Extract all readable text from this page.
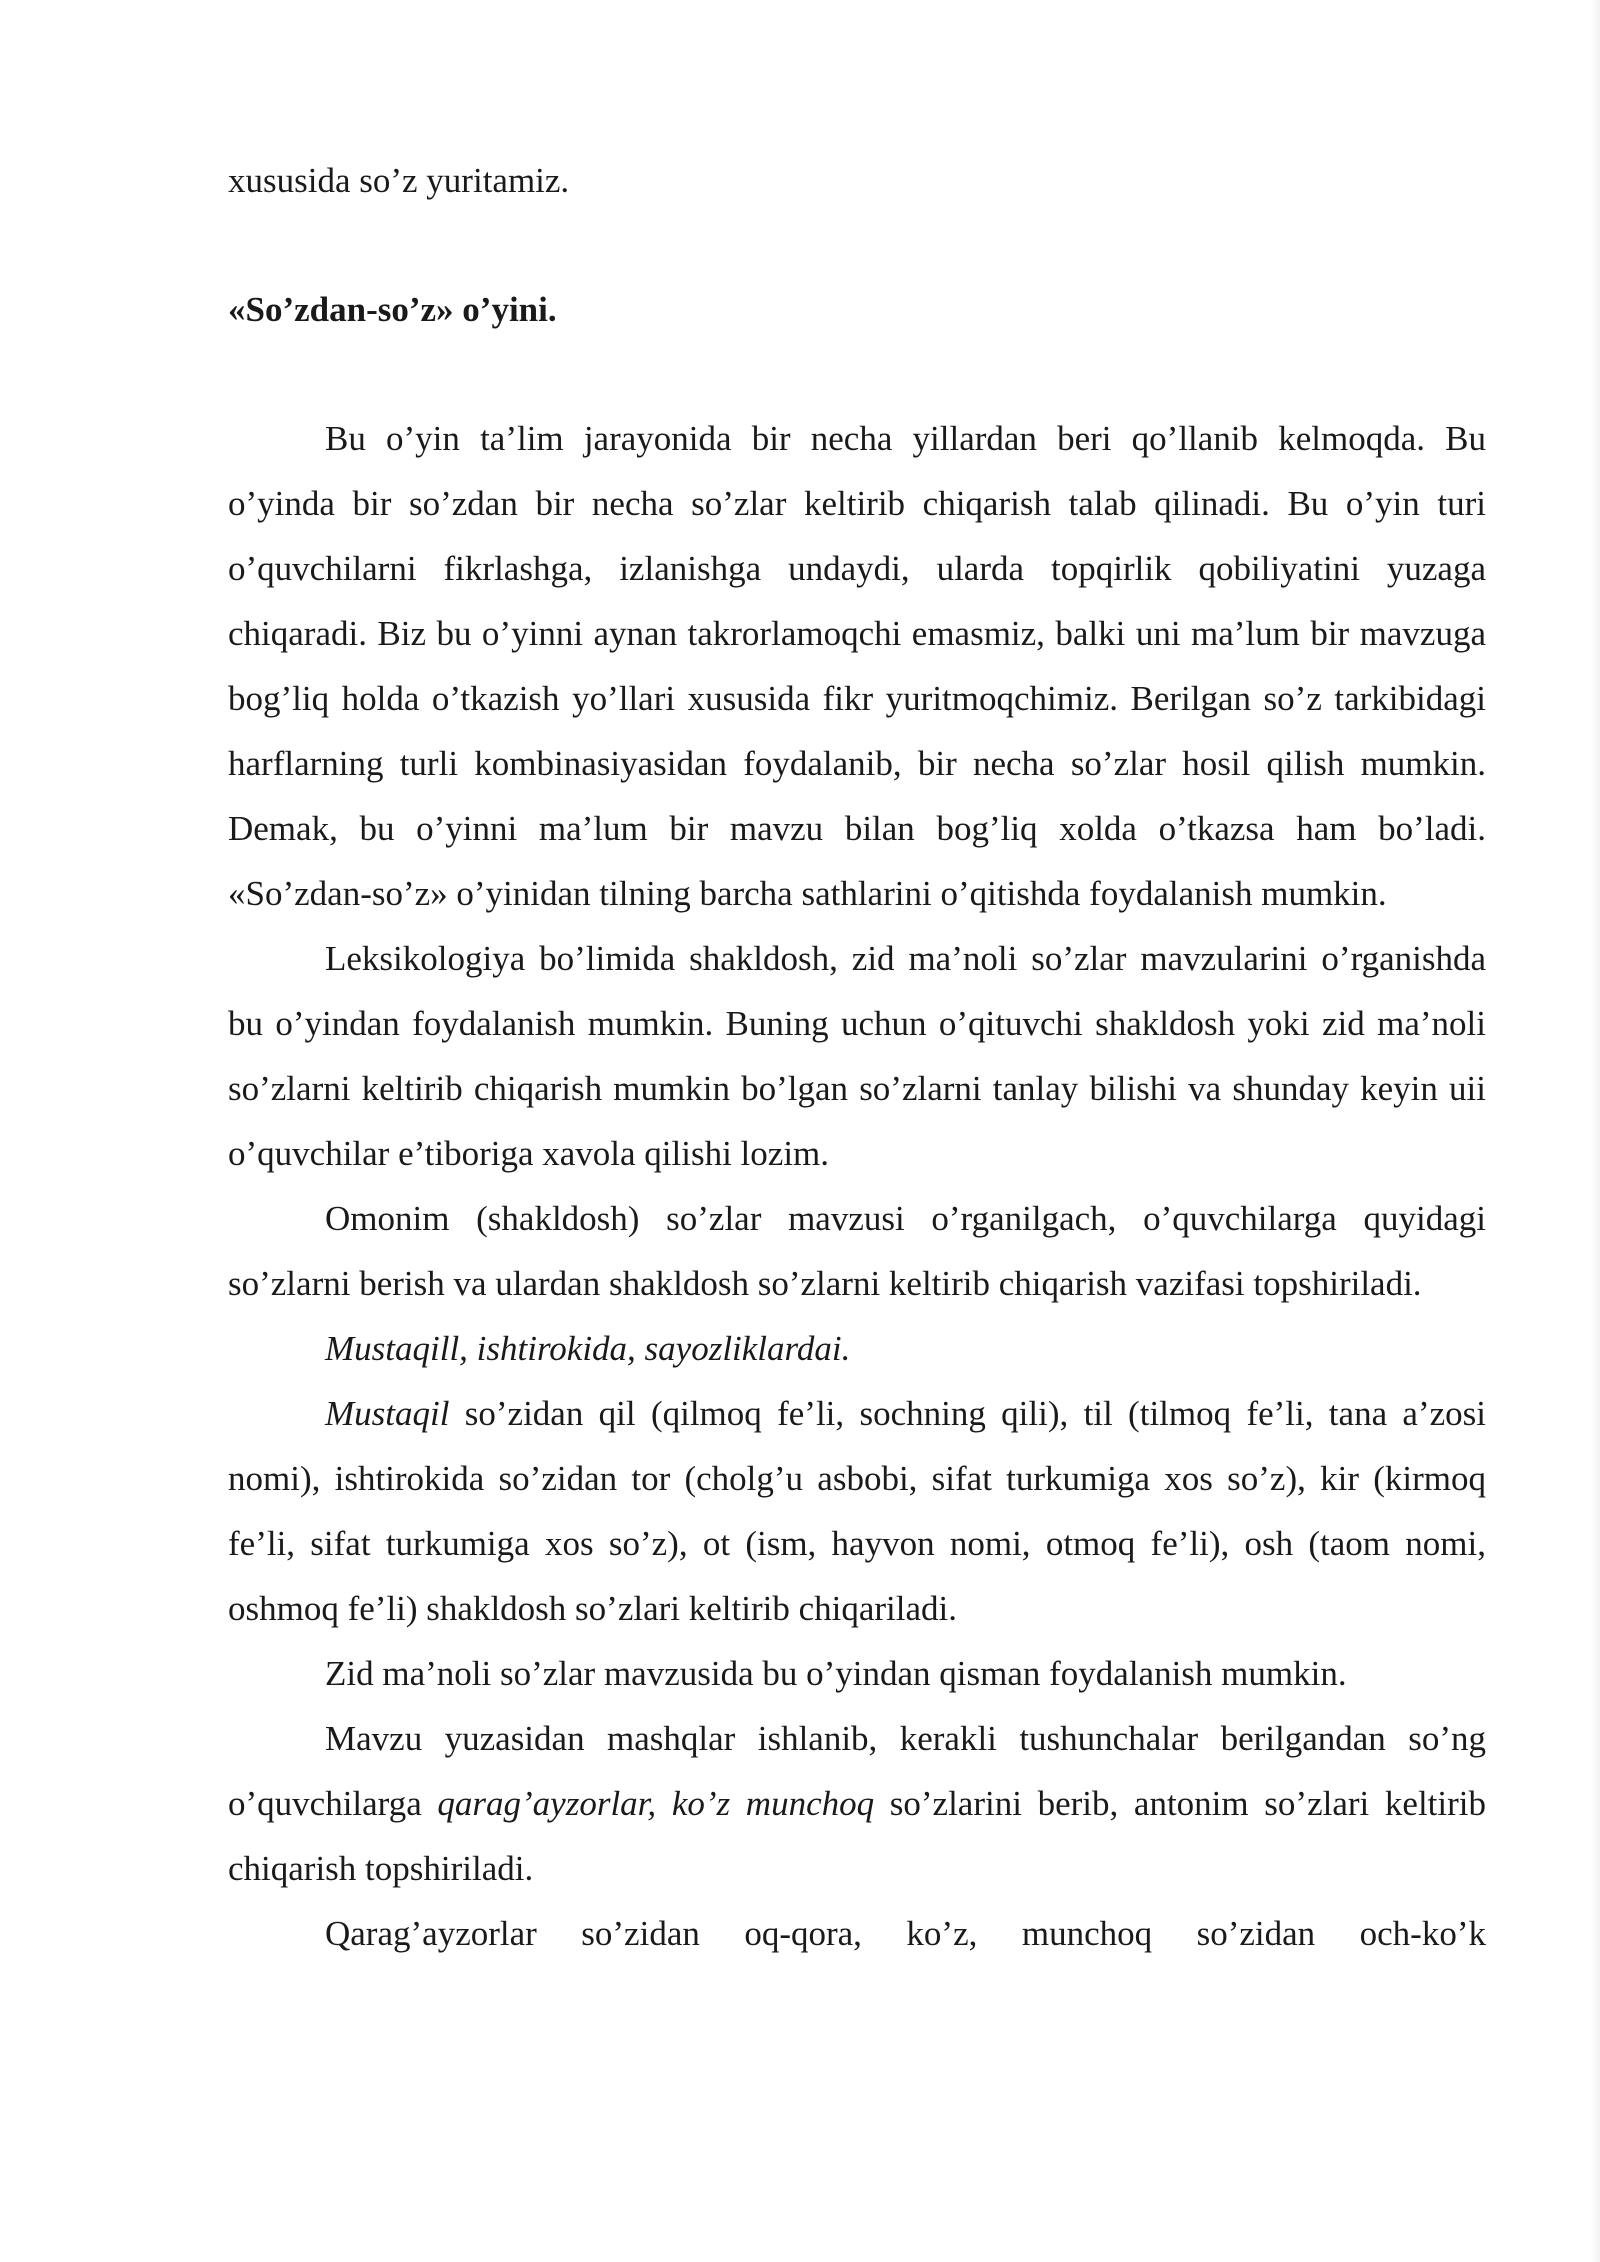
xususida so’z yuritamiz.

«So’zdan-so’z» o’yini.

Bu o’yin ta’lim jarayonida bir necha yillardan beri qo’llanib kelmoqda. Bu o’yinda bir so’zdan bir necha so’zlar keltirib chiqarish talab qilinadi. Bu o’yin turi o’quvchilarni fikrlashga, izlanishga undaydi, ularda topqirlik qobiliyatini yuzaga chiqaradi. Biz bu o’yinni aynan takrorlamoqchi emasmiz, balki uni ma’lum bir mavzuga bog’liq holda o’tkazish yo’llari xususida fikr yuritmoqchimiz. Berilgan so’z tarkibidagi harflarning turli kombinasiyasidan foydalanib, bir necha so’zlar hosil qilish mumkin. Demak, bu o’yinni ma’lum bir mavzu bilan bog’liq xolda o’tkazsa ham bo’ladi. «So’zdan-so’z» o’yinidan tilning barcha sathlarini o’qitishda foydalanish mumkin.

Leksikologiya bo’limida shakldosh, zid ma’noli so’zlar mavzularini o’rganishda bu o’yindan foydalanish mumkin. Buning uchun o’qituvchi shakldosh yoki zid ma’noli so’zlarni keltirib chiqarish mumkin bo’lgan so’zlarni tanlay bilishi va shunday keyin uii o’quvchilar e’tiboriga xavola qilishi lozim.

Omonim (shakldosh) so’zlar mavzusi o’rganilgach, o’quvchilarga quyidagi so’zlarni berish va ulardan shakldosh so’zlarni keltirib chiqarish vazifasi topshiriladi.

Mustaqill, ishtirokida, sayozliklardai.

Mustaqil so’zidan qil (qilmoq fe’li, sochning qili), til (tilmoq fe’li, tana a’zosi nomi), ishtirokida so’zidan tor (cholg’u asbobi, sifat turkumiga xos so’z), kir (kirmoq fe’li, sifat turkumiga xos so’z), ot (ism, hayvon nomi, otmoq fe’li), osh (taom nomi, oshmoq fe’li) shakldosh so’zlari keltirib chiqariladi.

Zid ma’noli so’zlar mavzusida bu o’yindan qisman foydalanish mumkin.

Mavzu yuzasidan mashqlar ishlanib, kerakli tushunchalar berilgandan so’ng o’quvchilarga qarag’ayzorlar, ko’z munchoq so’zlarini berib, antonim so’zlari keltirib chiqarish topshiriladi.

Qarag’ayzorlar so’zidan oq-qora, ko’z, munchoq so’zidan och-ko’k
